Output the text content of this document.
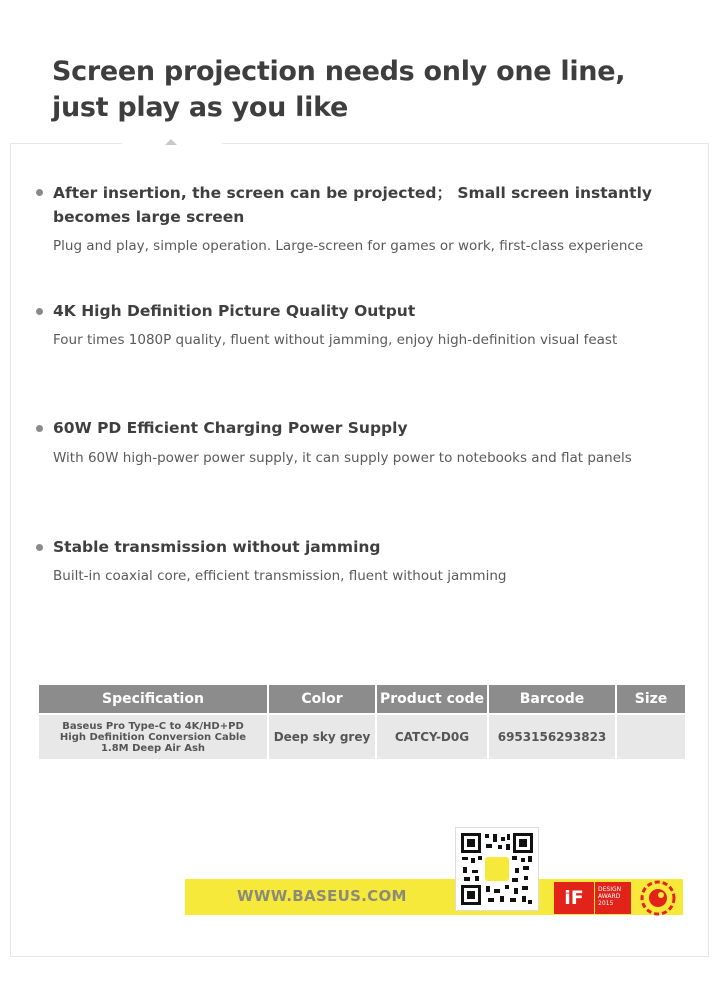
Screen projection needs only one line,
just play as you like

After insertion, the screen can be projected； Small screen instantly
becomes large screen

Plug and play, simple operation. Large-screen for games or work, first-class experience

4K High Definition Picture Quality Output

Four times 1080P quality, fluent without jamming, enjoy high-definition visual feast

60W PD Efficient Charging Power Supply

With 60W high-power power supply, it can supply power to notebooks and flat panels

Stable transmission without jamming

Built-in coaxial core, efficient transmission, fluent without jamming

Specification	Color	Product code	Barcode	Size
Baseus Pro Type-C to 4K/HD+PD
High Definition Conversion Cable
1.8M Deep Air Ash	Deep sky grey	CATCY-D0G	6953156293823	

WWW.BASEUS.COM	iF	DESIGN
AWARD
2015
